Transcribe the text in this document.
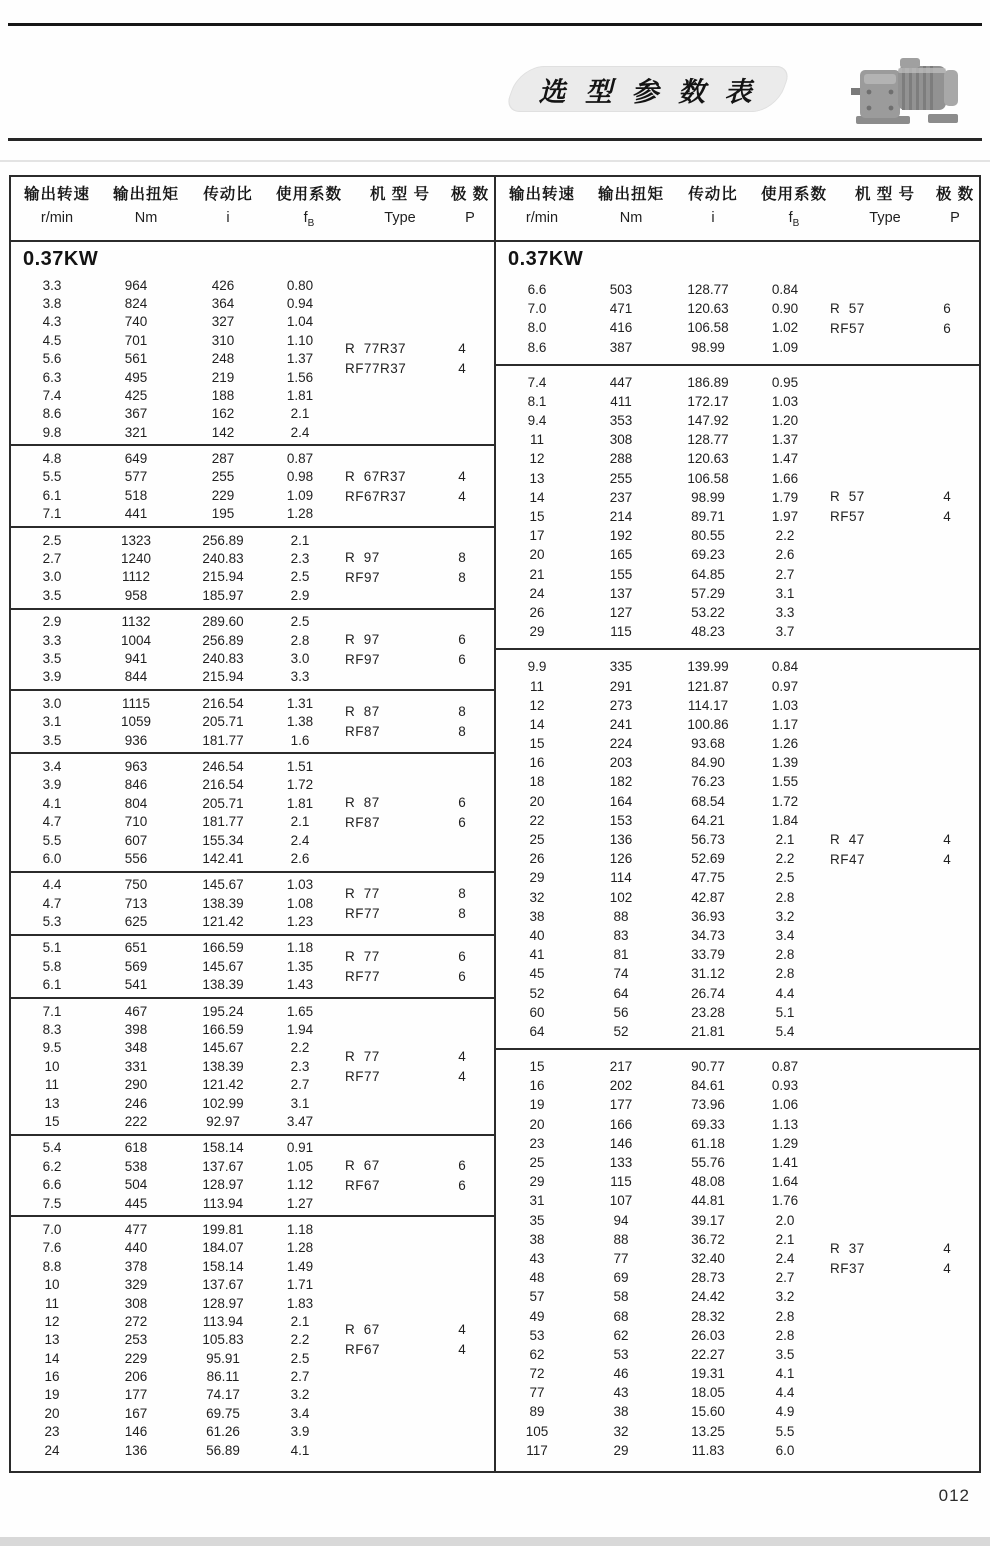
选 型 参 数 表
输出转速	输出扭矩	传动比	使用系数	机 型 号	极 数
r/min	Nm	i	$f_B$	Type	P
0.37KW
3.3	964	426	0.80
3.8	824	364	0.94
4.3	740	327	1.04
4.5	701	310	1.10
5.6	561	248	1.37
6.3	495	219	1.56
7.4	425	188	1.81
8.6	367	162	2.1
9.8	321	142	2.4
R  77R37	4
RF77R37	4
4.8	649	287	0.87
5.5	577	255	0.98
6.1	518	229	1.09
7.1	441	195	1.28
R  67R37	4
RF67R37	4
2.5	1323	256.89	2.1
2.7	1240	240.83	2.3
3.0	1112	215.94	2.5
3.5	958	185.97	2.9
R  97	8
RF97	8
2.9	1132	289.60	2.5
3.3	1004	256.89	2.8
3.5	941	240.83	3.0
3.9	844	215.94	3.3
R  97	6
RF97	6
3.0	1115	216.54	1.31
3.1	1059	205.71	1.38
3.5	936	181.77	1.6
R  87	8
RF87	8
3.4	963	246.54	1.51
3.9	846	216.54	1.72
4.1	804	205.71	1.81
4.7	710	181.77	2.1
5.5	607	155.34	2.4
6.0	556	142.41	2.6
R  87	6
RF87	6
4.4	750	145.67	1.03
4.7	713	138.39	1.08
5.3	625	121.42	1.23
R  77	8
RF77	8
5.1	651	166.59	1.18
5.8	569	145.67	1.35
6.1	541	138.39	1.43
R  77	6
RF77	6
7.1	467	195.24	1.65
8.3	398	166.59	1.94
9.5	348	145.67	2.2
10	331	138.39	2.3
11	290	121.42	2.7
13	246	102.99	3.1
15	222	92.97	3.47
R  77	4
RF77	4
5.4	618	158.14	0.91
6.2	538	137.67	1.05
6.6	504	128.97	1.12
7.5	445	113.94	1.27
R  67	6
RF67	6
7.0	477	199.81	1.18
7.6	440	184.07	1.28
8.8	378	158.14	1.49
10	329	137.67	1.71
11	308	128.97	1.83
12	272	113.94	2.1
13	253	105.83	2.2
14	229	95.91	2.5
16	206	86.11	2.7
19	177	74.17	3.2
20	167	69.75	3.4
23	146	61.26	3.9
24	136	56.89	4.1
R  67	4
RF67	4
输出转速	输出扭矩	传动比	使用系数	机 型 号	极 数
r/min	Nm	i	$f_B$	Type	P
0.37KW
6.6	503	128.77	0.84
7.0	471	120.63	0.90
8.0	416	106.58	1.02
8.6	387	98.99	1.09
R  57	6
RF57	6
7.4	447	186.89	0.95
8.1	411	172.17	1.03
9.4	353	147.92	1.20
11	308	128.77	1.37
12	288	120.63	1.47
13	255	106.58	1.66
14	237	98.99	1.79
15	214	89.71	1.97
17	192	80.55	2.2
20	165	69.23	2.6
21	155	64.85	2.7
24	137	57.29	3.1
26	127	53.22	3.3
29	115	48.23	3.7
R  57	4
RF57	4
9.9	335	139.99	0.84
11	291	121.87	0.97
12	273	114.17	1.03
14	241	100.86	1.17
15	224	93.68	1.26
16	203	84.90	1.39
18	182	76.23	1.55
20	164	68.54	1.72
22	153	64.21	1.84
25	136	56.73	2.1
26	126	52.69	2.2
29	114	47.75	2.5
32	102	42.87	2.8
38	88	36.93	3.2
40	83	34.73	3.4
41	81	33.79	2.8
45	74	31.12	2.8
52	64	26.74	4.4
60	56	23.28	5.1
64	52	21.81	5.4
R  47	4
RF47	4
15	217	90.77	0.87
16	202	84.61	0.93
19	177	73.96	1.06
20	166	69.33	1.13
23	146	61.18	1.29
25	133	55.76	1.41
29	115	48.08	1.64
31	107	44.81	1.76
35	94	39.17	2.0
38	88	36.72	2.1
43	77	32.40	2.4
48	69	28.73	2.7
57	58	24.42	3.2
49	68	28.32	2.8
53	62	26.03	2.8
62	53	22.27	3.5
72	46	19.31	4.1
77	43	18.05	4.4
89	38	15.60	4.9
105	32	13.25	5.5
117	29	11.83	6.0
R  37	4
RF37	4
012
